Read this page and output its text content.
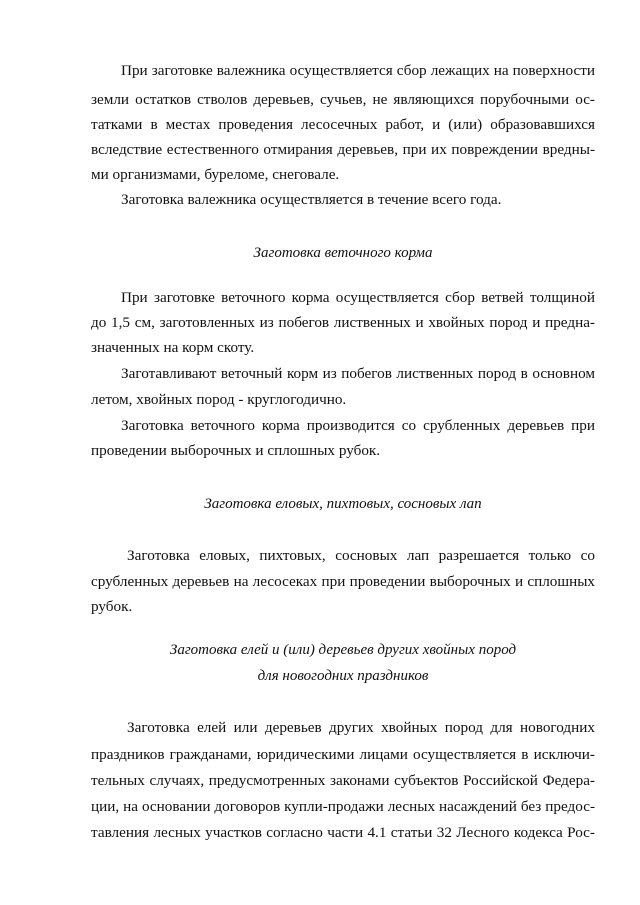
При заготовке валежника осуществляется сбор лежащих на поверхности
земли остатков стволов деревьев, сучьев, не являющихся порубочными ос-
татками в местах проведения лесосечных работ, и (или) образовавшихся
вследствие естественного отмирания деревьев, при их повреждении вредны-
ми организмами, буреломе, снеговале.
Заготовка валежника осуществляется в течение всего года.
Заготовка веточного корма
При заготовке веточного корма осуществляется сбор ветвей толщиной
до 1,5 см, заготовленных из побегов лиственных и хвойных пород и предна-
значенных на корм скоту.
Заготавливают веточный корм из побегов лиственных пород в основном
летом, хвойных пород - круглогодично.
Заготовка веточного корма производится со срубленных деревьев при
проведении выборочных и сплошных рубок.
Заготовка еловых, пихтовых, сосновых лап
Заготовка еловых, пихтовых, сосновых лап разрешается только со
срубленных деревьев на лесосеках при проведении выборочных и сплошных
рубок.
Заготовка елей и (или) деревьев других хвойных пород
для новогодних праздников
Заготовка елей или деревьев других хвойных пород для новогодних
праздников гражданами, юридическими лицами осуществляется в исключи-
тельных случаях, предусмотренных законами субъектов Российской Федера-
ции, на основании договоров купли-продажи лесных насаждений без предос-
тавления лесных участков согласно части 4.1 статьи 32 Лесного кодекса Рос-
